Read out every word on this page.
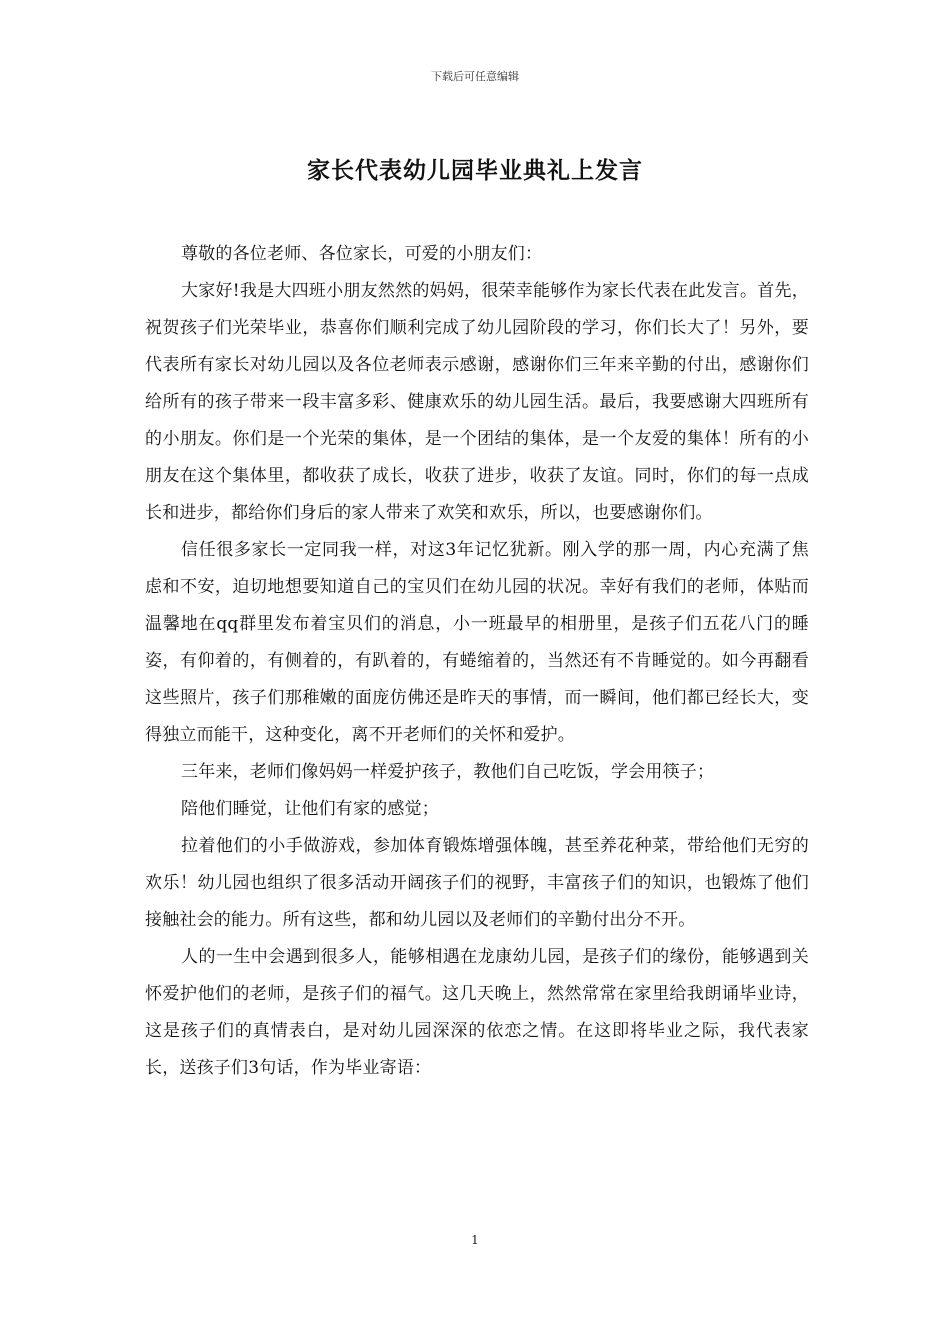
下载后可任意编辑
家长代表幼儿园毕业典礼上发言

尊敬的各位老师、各位家长，可爱的小朋友们：

大家好!我是大四班小朋友然然的妈妈，很荣幸能够作为家长代表在此发言。首先，祝贺孩子们光荣毕业，恭喜你们顺利完成了幼儿园阶段的学习，你们长大了！另外，要代表所有家长对幼儿园以及各位老师表示感谢，感谢你们三年来辛勤的付出，感谢你们给所有的孩子带来一段丰富多彩、健康欢乐的幼儿园生活。最后，我要感谢大四班所有的小朋友。你们是一个光荣的集体，是一个团结的集体，是一个友爱的集体！所有的小朋友在这个集体里，都收获了成长，收获了进步，收获了友谊。同时，你们的每一点成长和进步，都给你们身后的家人带来了欢笑和欢乐，所以，也要感谢你们。

信任很多家长一定同我一样，对这3年记忆犹新。刚入学的那一周，内心充满了焦虑和不安，迫切地想要知道自己的宝贝们在幼儿园的状况。幸好有我们的老师，体贴而温馨地在qq群里发布着宝贝们的消息，小一班最早的相册里，是孩子们五花八门的睡姿，有仰着的，有侧着的，有趴着的，有蜷缩着的，当然还有不肯睡觉的。如今再翻看这些照片，孩子们那稚嫩的面庞仿佛还是昨天的事情，而一瞬间，他们都已经长大，变得独立而能干，这种变化，离不开老师们的关怀和爱护。

三年来，老师们像妈妈一样爱护孩子，教他们自己吃饭，学会用筷子；

陪他们睡觉，让他们有家的感觉；

拉着他们的小手做游戏，参加体育锻炼增强体魄，甚至养花种菜，带给他们无穷的欢乐！幼儿园也组织了很多活动开阔孩子们的视野，丰富孩子们的知识，也锻炼了他们接触社会的能力。所有这些，都和幼儿园以及老师们的辛勤付出分不开。

人的一生中会遇到很多人，能够相遇在龙康幼儿园，是孩子们的缘份，能够遇到关怀爱护他们的老师，是孩子们的福气。这几天晚上，然然常常在家里给我朗诵毕业诗，这是孩子们的真情表白，是对幼儿园深深的依恋之情。在这即将毕业之际，我代表家长，送孩子们3句话，作为毕业寄语：

1
